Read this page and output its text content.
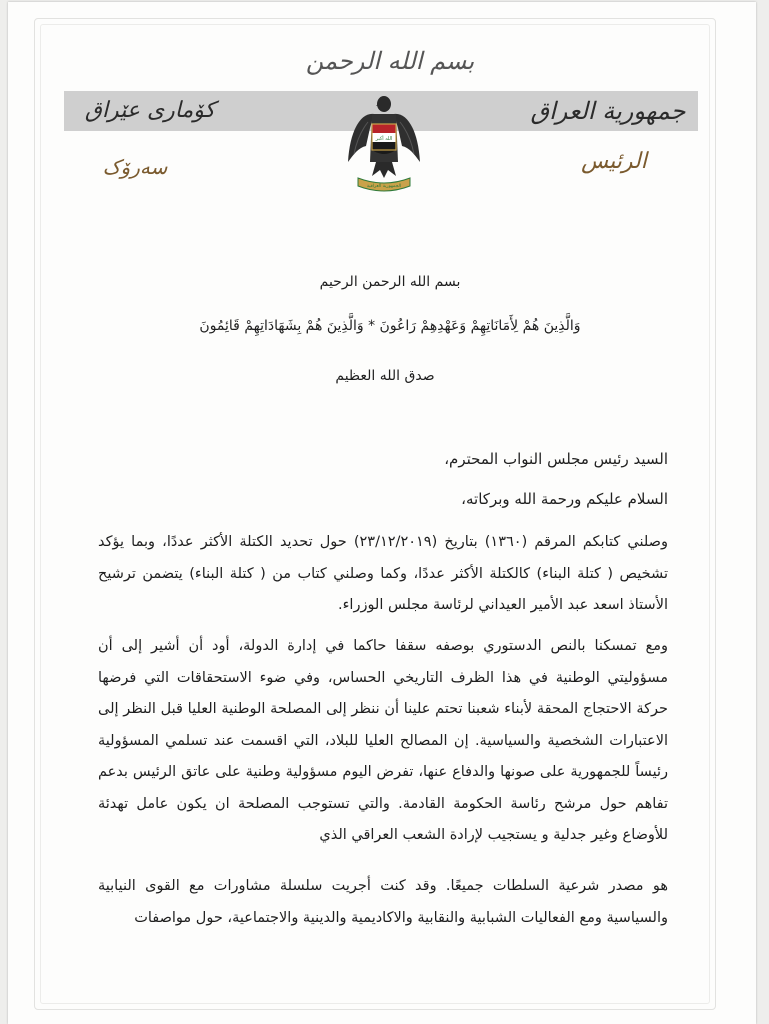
بسم الله الرحمن
کۆماری عێراق	جمهورية العراق
سەرۆک	الرئيس
الله أكبر
الجمهورية العراقية
بسم الله الرحمن الرحيم
وَالَّذِينَ هُمْ لِأَمَانَاتِهِمْ وَعَهْدِهِمْ رَاعُونَ * وَالَّذِينَ هُمْ بِشَهَادَاتِهِمْ قَائِمُونَ
صدق الله العظيم
السيد رئيس مجلس النواب المحترم،
السلام عليكم ورحمة الله وبركاته،
وصلني كتابكم المرقم (١٣٦٠) بتاريخ (٢٣/١٢/٢٠١٩) حول تحديد الكتلة الأكثر عددًا، وبما يؤكد تشخيص ( كتلة البناء) كالكتلة الأكثر عددًا، وكما وصلني كتاب من ( كتلة البناء) يتضمن ترشيح الأستاذ اسعد عبد الأمير العيداني لرئاسة مجلس الوزراء.
ومع تمسكنا بالنص الدستوري بوصفه سقفا حاكما في إدارة الدولة، أود أن أشير إلى أن مسؤوليتي الوطنية في هذا الظرف التاريخي الحساس، وفي ضوء الاستحقاقات التي فرضها حركة الاحتجاج المحقة لأبناء شعبنا تحتم علينا أن ننظر إلى المصلحة الوطنية العليا قبل النظر إلى الاعتبارات الشخصية والسياسية. إن المصالح العليا للبلاد، التي اقسمت عند تسلمي المسؤولية رئيساً للجمهورية على صونها والدفاع عنها، تفرض اليوم مسؤولية وطنية على عاتق الرئيس بدعم تفاهم حول مرشح رئاسة الحكومة القادمة. والتي تستوجب المصلحة ان يكون عامل تهدئة للأوضاع وغير جدلية و يستجيب لإرادة الشعب العراقي الذي
هو مصدر شرعية السلطات جميعًا. وقد كنت أجريت سلسلة مشاورات مع القوى النيابية والسياسية ومع الفعاليات الشبابية والنقابية والاكاديمية والدينية والاجتماعية، حول مواصفات
